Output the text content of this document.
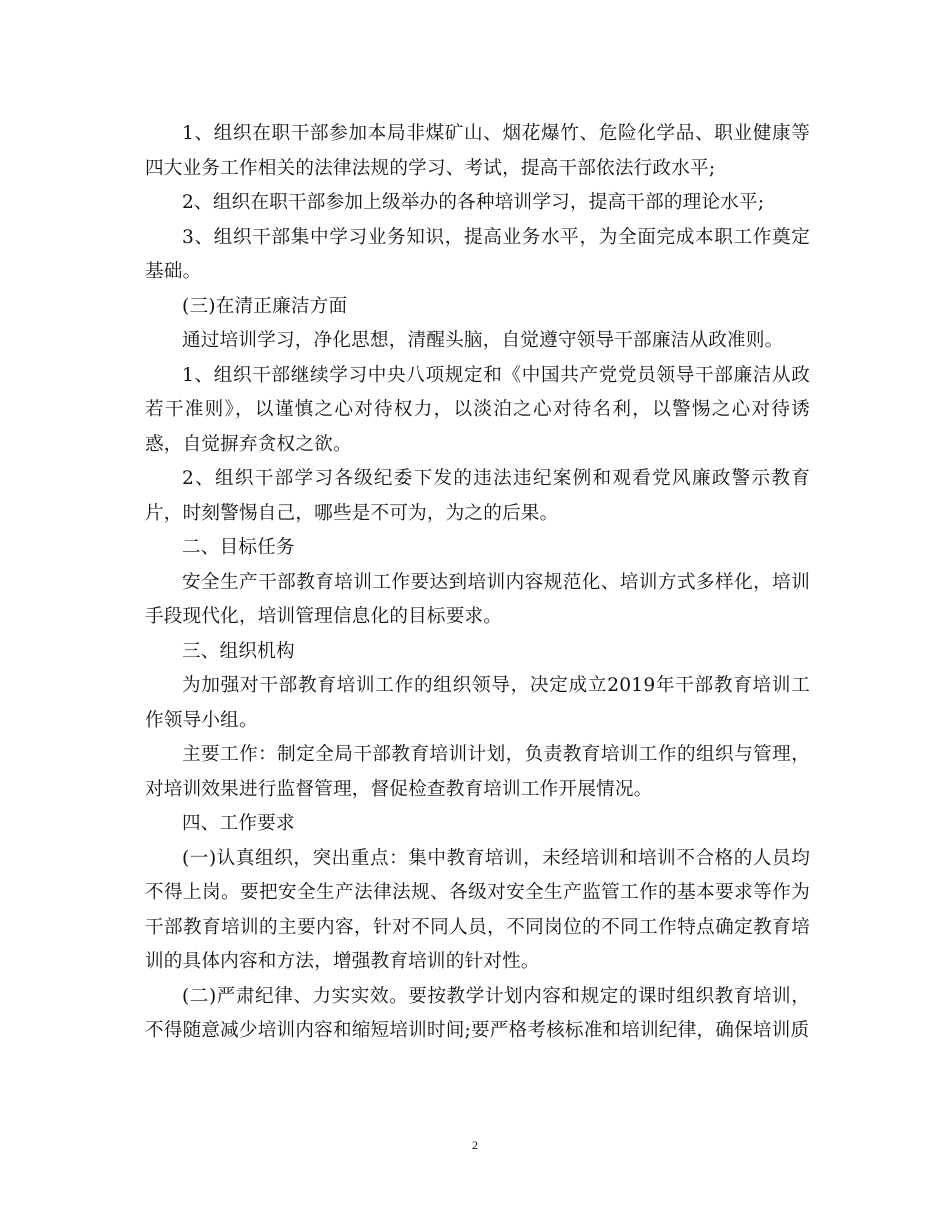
1、组织在职干部参加本局非煤矿山、烟花爆竹、危险化学品、职业健康等四大业务工作相关的法律法规的学习、考试，提高干部依法行政水平;

2、组织在职干部参加上级举办的各种培训学习，提高干部的理论水平;

3、组织干部集中学习业务知识，提高业务水平，为全面完成本职工作奠定基础。

(三)在清正廉洁方面

通过培训学习，净化思想，清醒头脑，自觉遵守领导干部廉洁从政准则。

1、组织干部继续学习中央八项规定和《中国共产党党员领导干部廉洁从政若干准则》，以谨慎之心对待权力，以淡泊之心对待名利，以警惕之心对待诱惑，自觉摒弃贪权之欲。

2、组织干部学习各级纪委下发的违法违纪案例和观看党风廉政警示教育片，时刻警惕自己，哪些是不可为，为之的后果。

二、目标任务

安全生产干部教育培训工作要达到培训内容规范化、培训方式多样化，培训手段现代化，培训管理信息化的目标要求。

三、组织机构

为加强对干部教育培训工作的组织领导，决定成立2019年干部教育培训工作领导小组。

主要工作：制定全局干部教育培训计划，负责教育培训工作的组织与管理，对培训效果进行监督管理，督促检查教育培训工作开展情况。

四、工作要求

(一)认真组织，突出重点：集中教育培训，未经培训和培训不合格的人员均不得上岗。要把安全生产法律法规、各级对安全生产监管工作的基本要求等作为干部教育培训的主要内容，针对不同人员，不同岗位的不同工作特点确定教育培训的具体内容和方法，增强教育培训的针对性。

(二)严肃纪律、力实实效。要按教学计划内容和规定的课时组织教育培训，不得随意减少培训内容和缩短培训时间;要严格考核标准和培训纪律，确保培训质

2
